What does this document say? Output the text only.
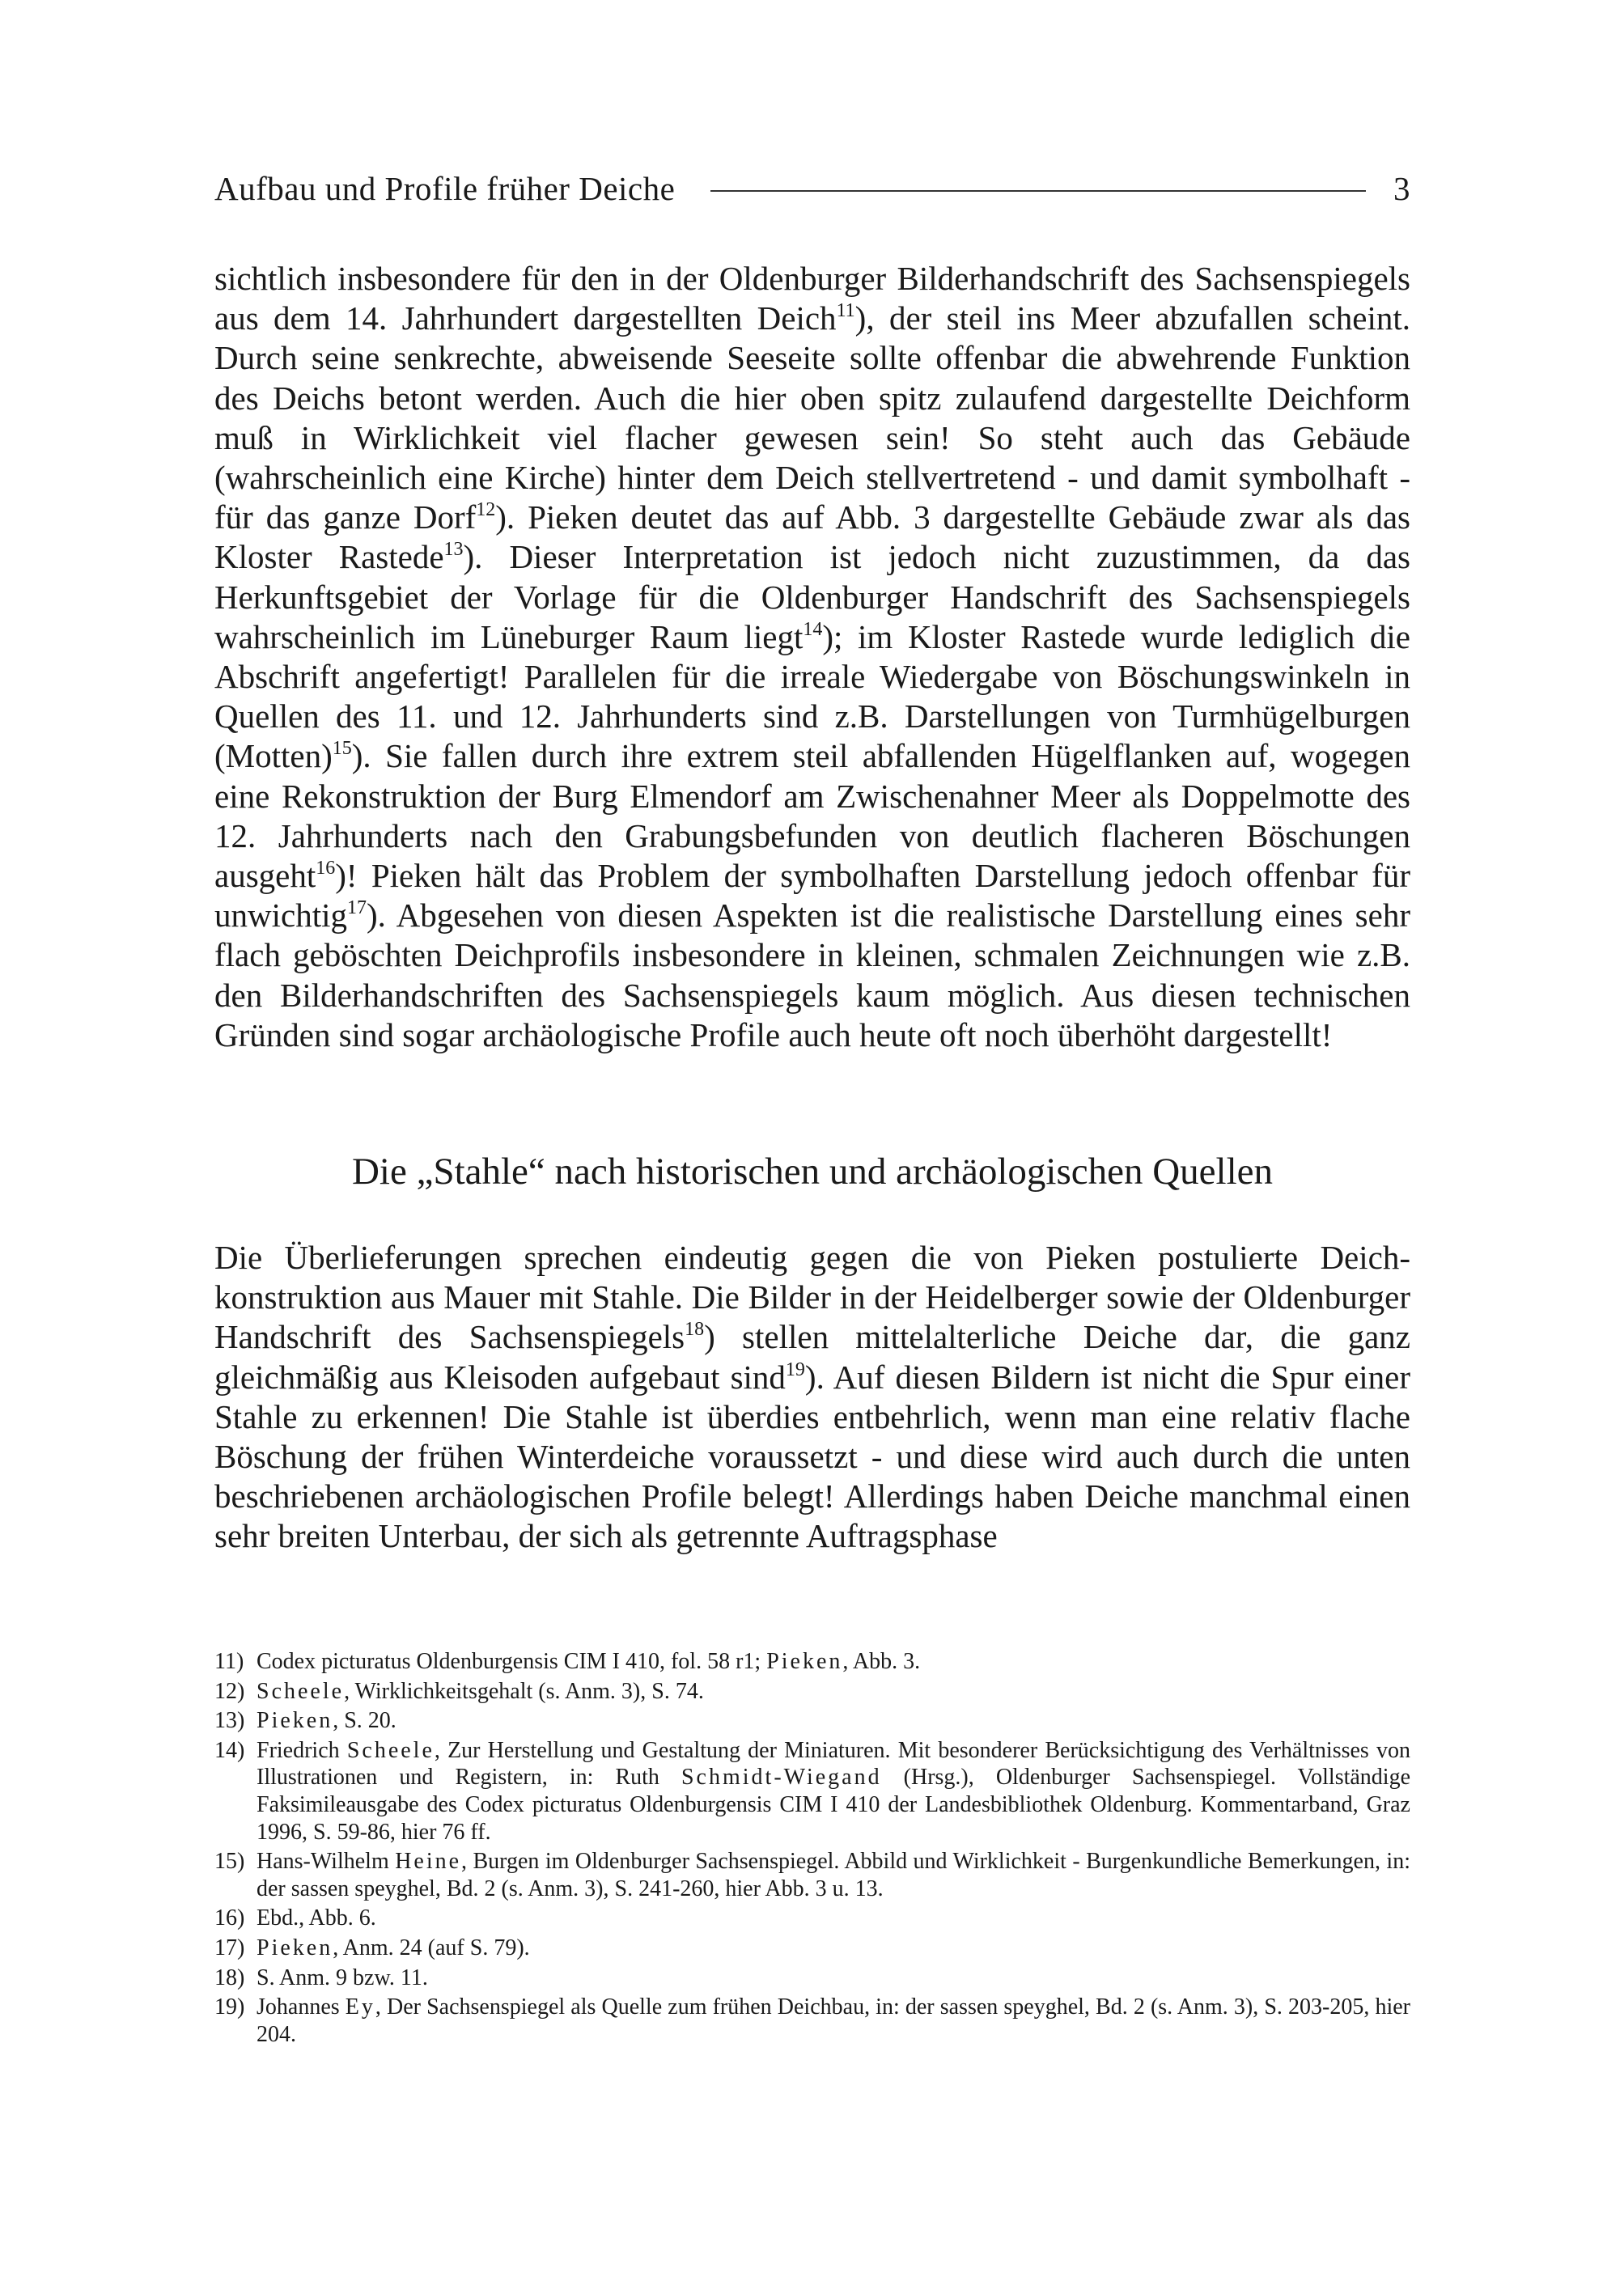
Aufbau und Profile früher Deiche	3

sichtlich insbesondere für den in der Oldenburger Bilderhandschrift des Sachsenspiegels aus dem 14. Jahrhundert dargestellten Deich$^{11}$), der steil ins Meer abzufallen scheint. Durch seine senkrechte, abweisende Seeseite sollte offenbar die abwehrende Funktion des Deichs betont werden. Auch die hier oben spitz zulaufend dargestellte Deichform muß in Wirklichkeit viel flacher gewesen sein! So steht auch das Gebäude (wahrscheinlich eine Kirche) hinter dem Deich stellvertretend - und damit symbolhaft - für das ganze Dorf$^{12}$). Pieken deutet das auf Abb. 3 dargestellte Gebäude zwar als das Kloster Rastede$^{13}$). Dieser Interpretation ist jedoch nicht zuzustimmen, da das Herkunftsgebiet der Vorlage für die Oldenburger Handschrift des Sachsenspiegels wahrscheinlich im Lüneburger Raum liegt$^{14}$); im Kloster Rastede wurde lediglich die Abschrift angefertigt! Parallelen für die irreale Wiedergabe von Böschungswinkeln in Quellen des 11. und 12. Jahrhunderts sind z.B. Darstellungen von Turmhügelburgen (Motten)$^{15}$). Sie fallen durch ihre extrem steil abfallenden Hügelflanken auf, wogegen eine Rekonstruktion der Burg Elmendorf am Zwischenahner Meer als Doppelmotte des 12. Jahrhunderts nach den Grabungsbefunden von deutlich flacheren Böschungen ausgeht$^{16}$)! Pieken hält das Problem der symbolhaften Darstellung jedoch offenbar für unwichtig$^{17}$). Abgesehen von diesen Aspekten ist die realistische Darstellung eines sehr flach geböschten Deichprofils insbesondere in kleinen, schmalen Zeichnungen wie z.B. den Bilderhandschriften des Sachsenspiegels kaum möglich. Aus diesen technischen Gründen sind sogar archäologische Profile auch heute oft noch überhöht dargestellt!

Die „Stahle“ nach historischen und archäologischen Quellen

Die Überlieferungen sprechen eindeutig gegen die von Pieken postulierte Deichkonstruktion aus Mauer mit Stahle. Die Bilder in der Heidelberger sowie der Oldenburger Handschrift des Sachsenspiegels$^{18}$) stellen mittelalterliche Deiche dar, die ganz gleichmäßig aus Kleisoden aufgebaut sind$^{19}$). Auf diesen Bildern ist nicht die Spur einer Stahle zu erkennen! Die Stahle ist überdies entbehrlich, wenn man eine relativ flache Böschung der frühen Winterdeiche voraussetzt - und diese wird auch durch die unten beschriebenen archäologischen Profile belegt! Allerdings haben Deiche manchmal einen sehr breiten Unterbau, der sich als getrennte Auftragsphase

11) Codex picturatus Oldenburgensis CIM I 410, fol. 58 r1; Pieken, Abb. 3.
12) Scheele, Wirklichkeitsgehalt (s. Anm. 3), S. 74.
13) Pieken, S. 20.
14) Friedrich Scheele, Zur Herstellung und Gestaltung der Miniaturen. Mit besonderer Berücksichtigung des Verhältnisses von Illustrationen und Registern, in: Ruth Schmidt-Wiegand (Hrsg.), Oldenburger Sachsenspiegel. Vollständige Faksimileausgabe des Codex picturatus Oldenburgensis CIM I 410 der Landesbibliothek Oldenburg. Kommentarband, Graz 1996, S. 59-86, hier 76 ff.
15) Hans-Wilhelm Heine, Burgen im Oldenburger Sachsenspiegel. Abbild und Wirklichkeit - Burgenkundliche Bemerkungen, in: der sassen speyghel, Bd. 2 (s. Anm. 3), S. 241-260, hier Abb. 3 u. 13.
16) Ebd., Abb. 6.
17) Pieken, Anm. 24 (auf S. 79).
18) S. Anm. 9 bzw. 11.
19) Johannes Ey, Der Sachsenspiegel als Quelle zum frühen Deichbau, in: der sassen speyghel, Bd. 2 (s. Anm. 3), S. 203-205, hier 204.
